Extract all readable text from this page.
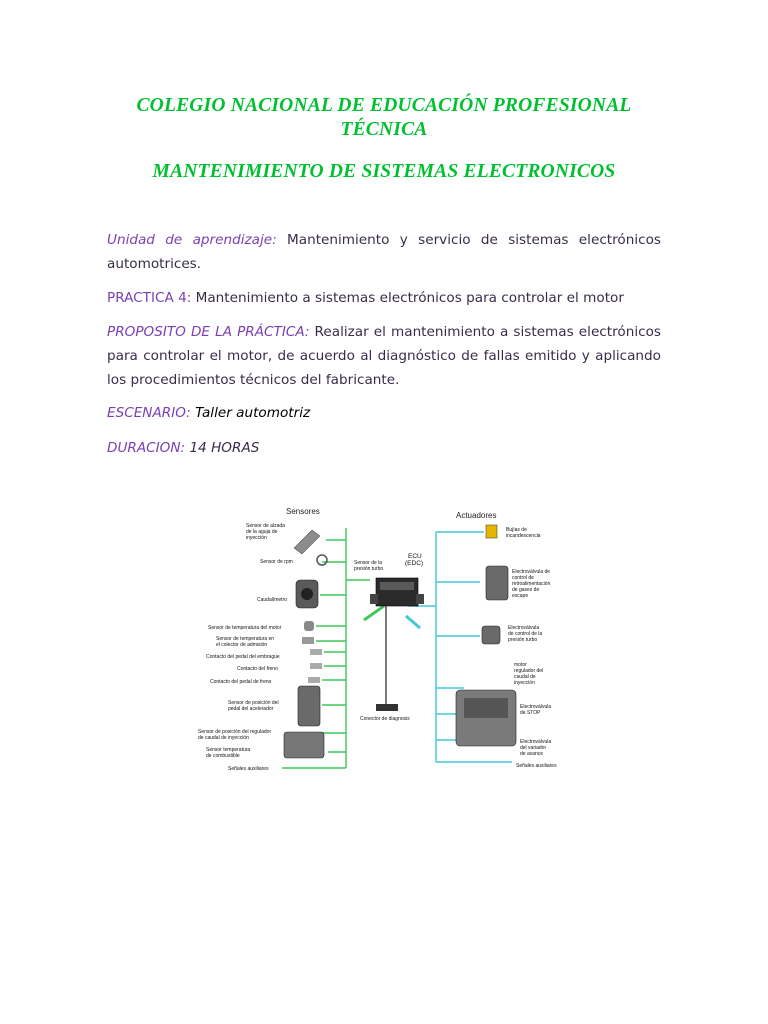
COLEGIO NACIONAL DE EDUCACIÓN PROFESIONAL TÉCNICA
MANTENIMIENTO DE SISTEMAS ELECTRONICOS
Unidad de aprendizaje: Mantenimiento y servicio de sistemas electrónicos automotrices.
PRACTICA 4: Mantenimiento a sistemas electrónicos para controlar el motor
PROPOSITO DE LA PRÁCTICA: Realizar el mantenimiento a sistemas electrónicos para controlar el motor, de acuerdo al diagnóstico de fallas emitido y aplicando los procedimientos técnicos del fabricante.
ESCENARIO: Taller automotriz
DURACION: 14 HORAS
Sensores	Actuadores
ECU
(EDC)
Sensor de la
presión turbo
Conector de diagnosis
Sensor de alzada
de la aguja de
inyección
Sensor de rpm
Caudalímetro
Sensor de temperatura del motor
Sensor de temperatura en
el colector de admisión
Contacto del pedal del embrague
Contacto del freno
Contacto del pedal de freno
Sensor de posición del
pedal del acelerador
Sensor de posición del regulador
de caudal de inyección
Sensor temperatura
de combustible
Señales auxiliares
Bujías de
incandescencia
Electroválvula de
control de
retroalimentación
de gases de
escape
Electroválvula
de control de la
presión turbo
motor
regulador del
caudal de
inyección
Electroválvula
de STOP
Electroválvula
del variador
de avance
Señales auxiliares
